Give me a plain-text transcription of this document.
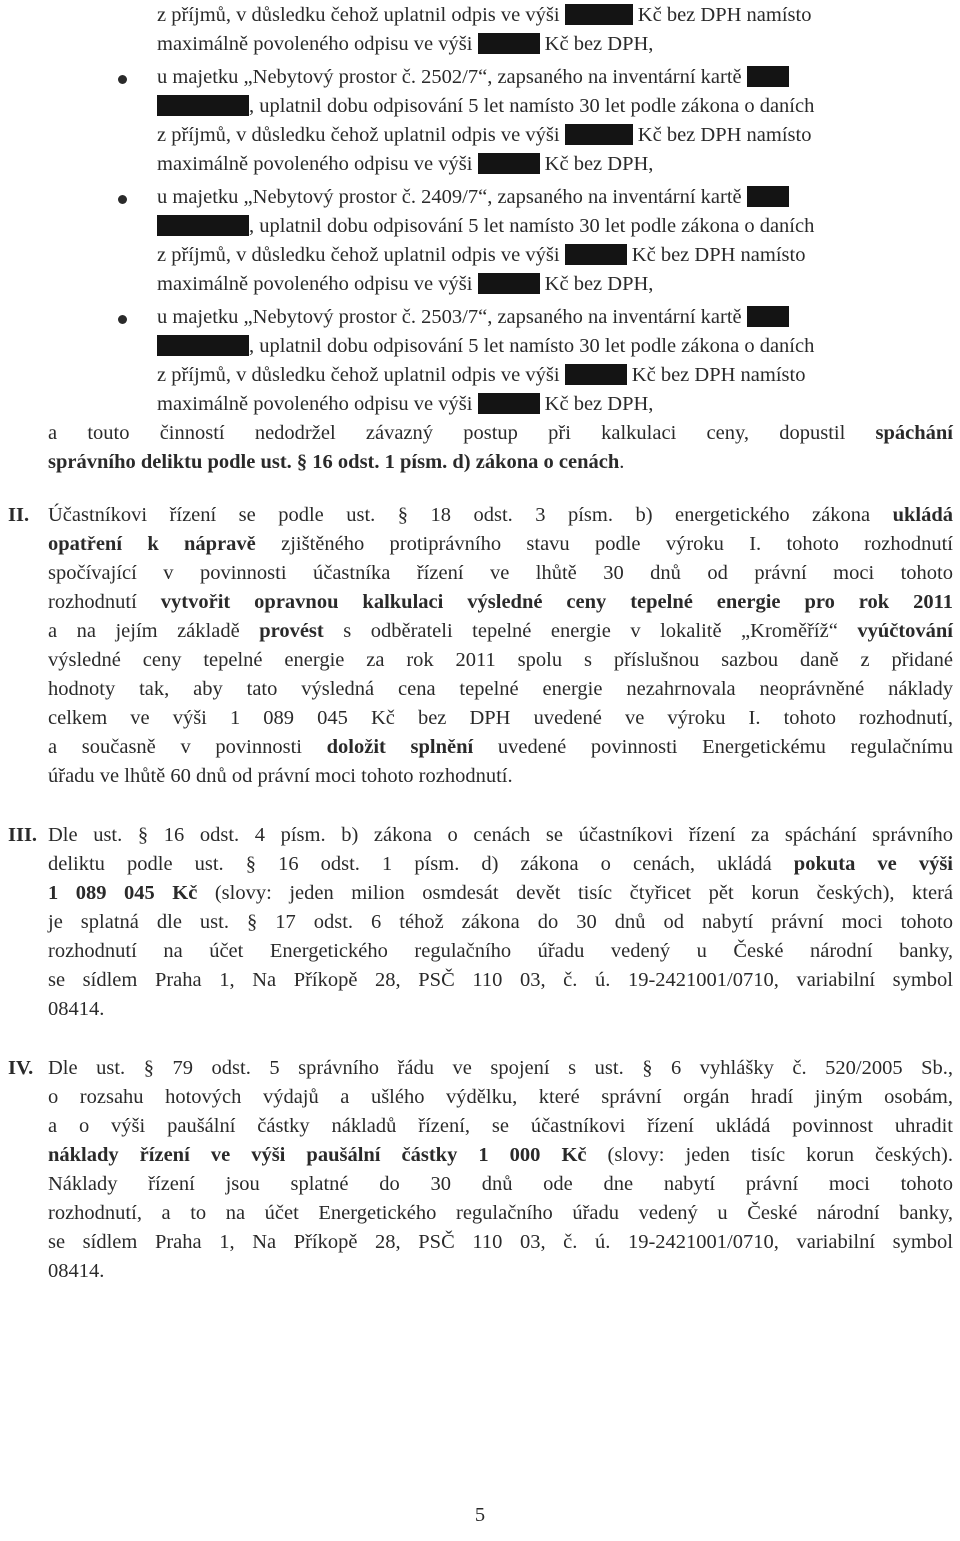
z příjmů, v důsledku čehož uplatnil odpis ve výši	Kč bez DPH namísto
maximálně povoleného odpisu ve výši	Kč bez DPH,
u majetku „Nebytový prostor č. 2502/7“, zapsaného na inventární kartě
, uplatnil dobu odpisování 5 let namísto 30 let podle zákona o daních
z příjmů, v důsledku čehož uplatnil odpis ve výši	Kč bez DPH namísto
maximálně povoleného odpisu ve výši	Kč bez DPH,
u majetku „Nebytový prostor č. 2409/7“, zapsaného na inventární kartě
, uplatnil dobu odpisování 5 let namísto 30 let podle zákona o daních
z příjmů, v důsledku čehož uplatnil odpis ve výši	Kč bez DPH namísto
maximálně povoleného odpisu ve výši	Kč bez DPH,
u majetku „Nebytový prostor č. 2503/7“, zapsaného na inventární kartě
, uplatnil dobu odpisování 5 let namísto 30 let podle zákona o daních
z příjmů, v důsledku čehož uplatnil odpis ve výši	Kč bez DPH namísto
maximálně povoleného odpisu ve výši	Kč bez DPH,
a touto činností nedodržel závazný postup při kalkulaci ceny, dopustil spáchání
správního deliktu podle ust. § 16 odst. 1 písm. d) zákona o cenách.
II. Účastníkovi řízení se podle ust. § 18 odst. 3 písm. b) energetického zákona ukládá
opatření k nápravě zjištěného protiprávního stavu podle výroku I. tohoto rozhodnutí
spočívající v povinnosti účastníka řízení ve lhůtě 30 dnů od právní moci tohoto
rozhodnutí vytvořit opravnou kalkulaci výsledné ceny tepelné energie pro rok 2011
a na jejím základě provést s odběrateli tepelné energie v lokalitě „Kroměříž“ vyúčtování
výsledné ceny tepelné energie za rok 2011 spolu s příslušnou sazbou daně z přidané
hodnoty tak, aby tato výsledná cena tepelné energie nezahrnovala neoprávněné náklady
celkem ve výši 1 089 045 Kč bez DPH uvedené ve výroku I. tohoto rozhodnutí,
a současně v povinnosti doložit splnění uvedené povinnosti Energetickému regulačnímu
úřadu ve lhůtě 60 dnů od právní moci tohoto rozhodnutí.
III. Dle ust. § 16 odst. 4 písm. b) zákona o cenách se účastníkovi řízení za spáchání správního
deliktu podle ust. § 16 odst. 1 písm. d) zákona o cenách, ukládá pokuta ve výši
1 089 045 Kč (slovy: jeden milion osmdesát devět tisíc čtyřicet pět korun českých), která
je splatná dle ust. § 17 odst. 6 téhož zákona do 30 dnů od nabytí právní moci tohoto
rozhodnutí na účet Energetického regulačního úřadu vedený u České národní banky,
se sídlem Praha 1, Na Příkopě 28, PSČ 110 03, č. ú. 19-2421001/0710, variabilní symbol
08414.
IV. Dle ust. § 79 odst. 5 správního řádu ve spojení s ust. § 6 vyhlášky č. 520/2005 Sb.,
o rozsahu hotových výdajů a ušlého výdělku, které správní orgán hradí jiným osobám,
a o výši paušální částky nákladů řízení, se účastníkovi řízení ukládá povinnost uhradit
náklady řízení ve výši paušální částky 1 000 Kč (slovy: jeden tisíc korun českých).
Náklady řízení jsou splatné do 30 dnů ode dne nabytí právní moci tohoto
rozhodnutí, a to na účet Energetického regulačního úřadu vedený u České národní banky,
se sídlem Praha 1, Na Příkopě 28, PSČ 110 03, č. ú. 19-2421001/0710, variabilní symbol
08414.
5
